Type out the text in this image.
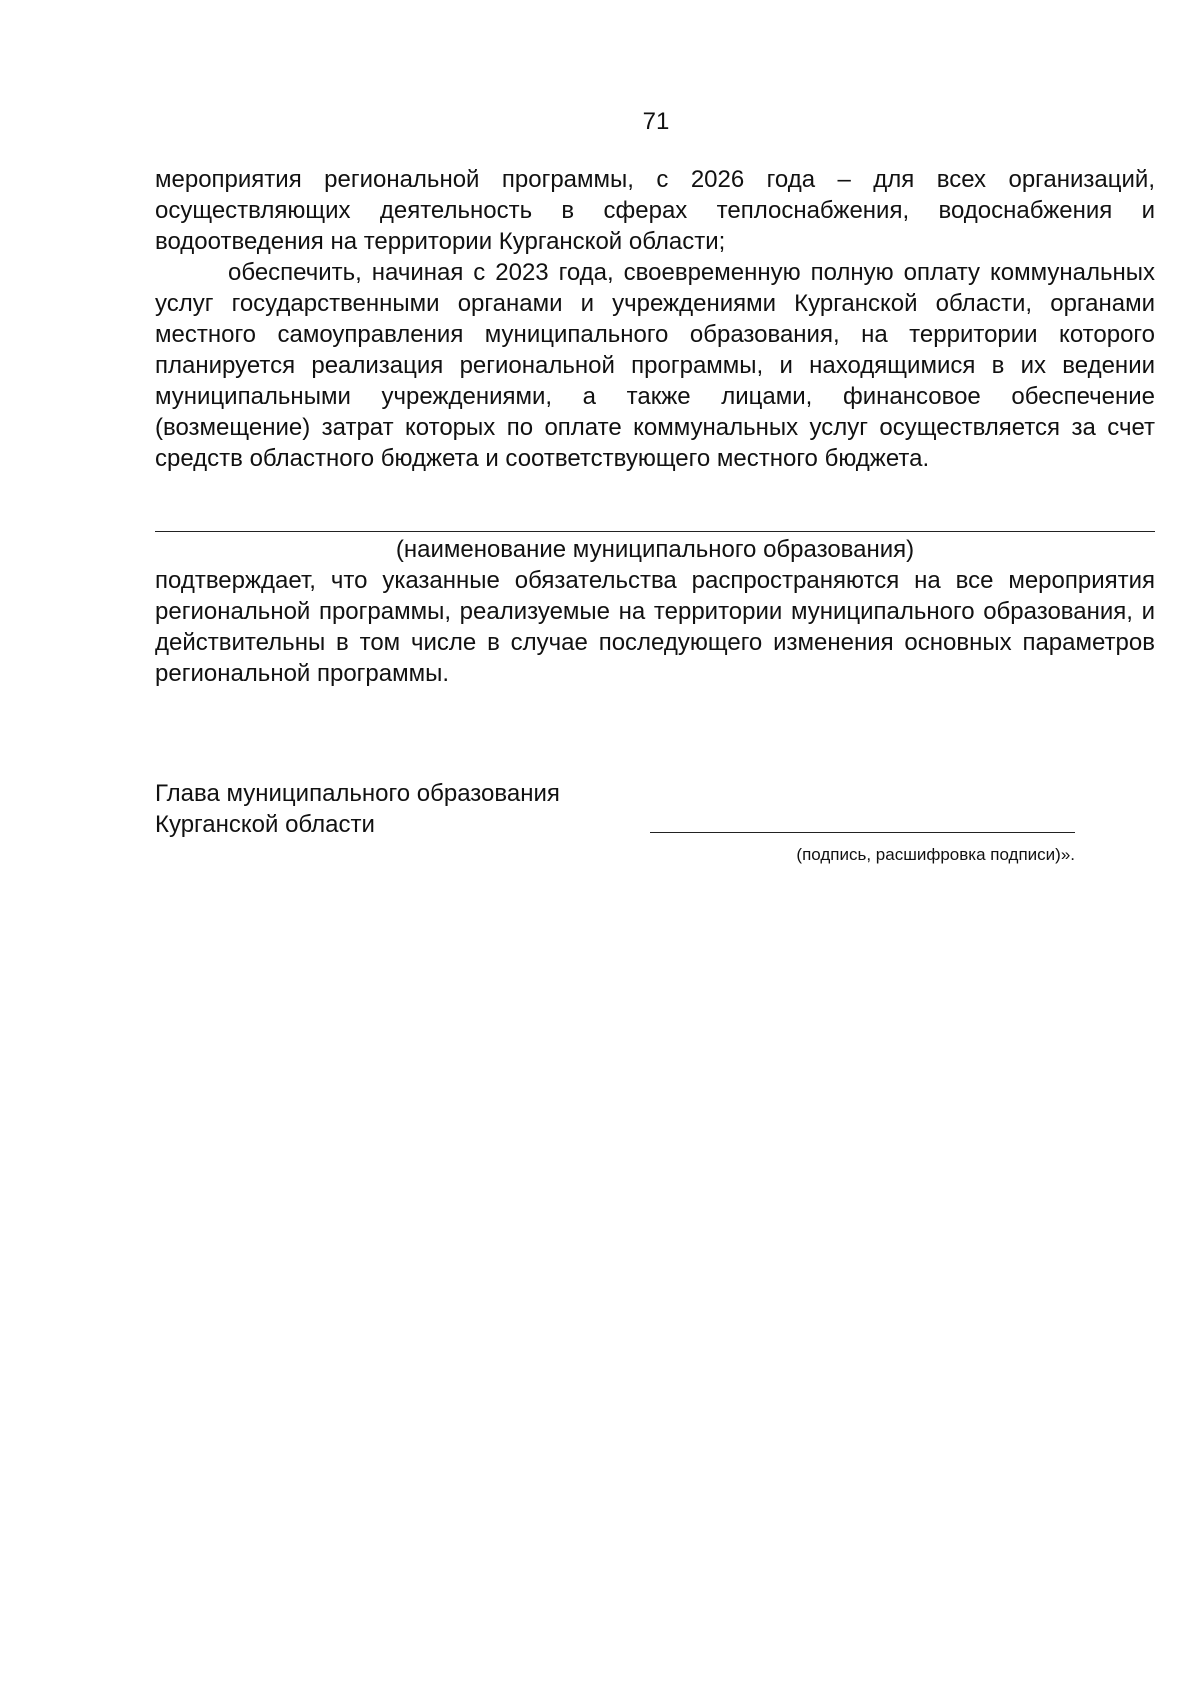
71

мероприятия региональной программы, с 2026 года – для всех организаций, осуществляющих деятельность в сферах теплоснабжения, водоснабжения и водоотведения на территории Курганской области;

обеспечить, начиная с 2023 года, своевременную полную оплату коммунальных услуг государственными органами и учреждениями Курганской области, органами местного самоуправления муниципального образования, на территории которого планируется реализация региональной программы, и находящимися в их ведении муниципальными учреждениями, а также лицами, финансовое обеспечение (возмещение) затрат которых по оплате коммунальных услуг осуществляется за счет средств областного бюджета и соответствующего местного бюджета.

(наименование муниципального образования)

подтверждает, что указанные обязательства распространяются на все мероприятия региональной программы, реализуемые на территории муниципального образования, и действительны в том числе в случае последующего изменения основных параметров региональной программы.

Глава муниципального образования
Курганской области
(подпись, расшифровка подписи)».
